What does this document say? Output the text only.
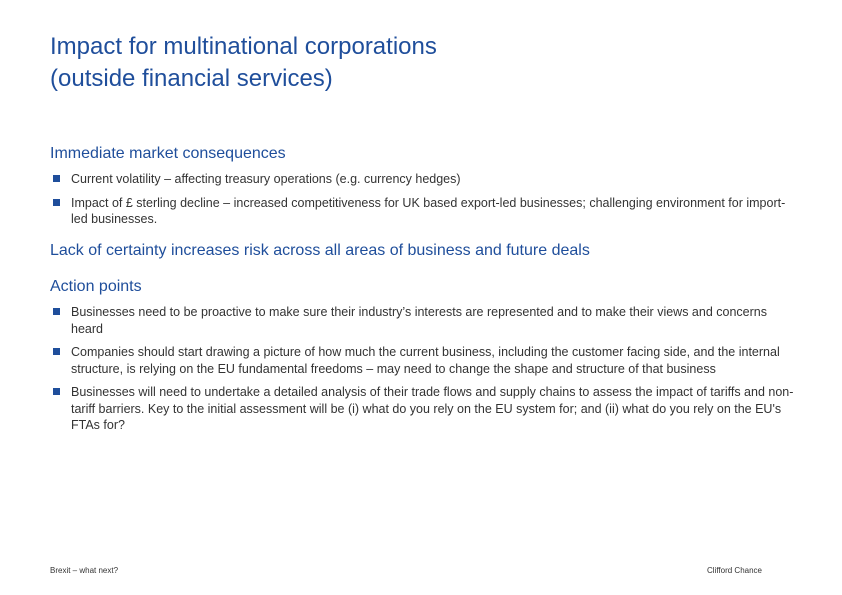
Impact for multinational corporations
(outside financial services)
Immediate market consequences
Current volatility – affecting treasury operations (e.g. currency hedges)
Impact of £ sterling decline – increased competitiveness for UK based export-led businesses; challenging environment for import-led businesses.
Lack of certainty increases risk across all areas of business and future deals
Action points
Businesses need to be proactive to make sure their industry’s interests are represented and to make their views and concerns heard
Companies should start drawing a picture of how much the current business, including the customer facing side, and the internal structure, is relying on the EU fundamental freedoms – may need to change the shape and structure of that business
Businesses will need to undertake a detailed analysis of their trade flows and supply chains to assess the impact of tariffs and non-tariff barriers. Key to the initial assessment will be (i) what do you rely on the EU system for; and (ii) what do you rely on the EU's FTAs for?
Brexit – what next?	Clifford Chance
